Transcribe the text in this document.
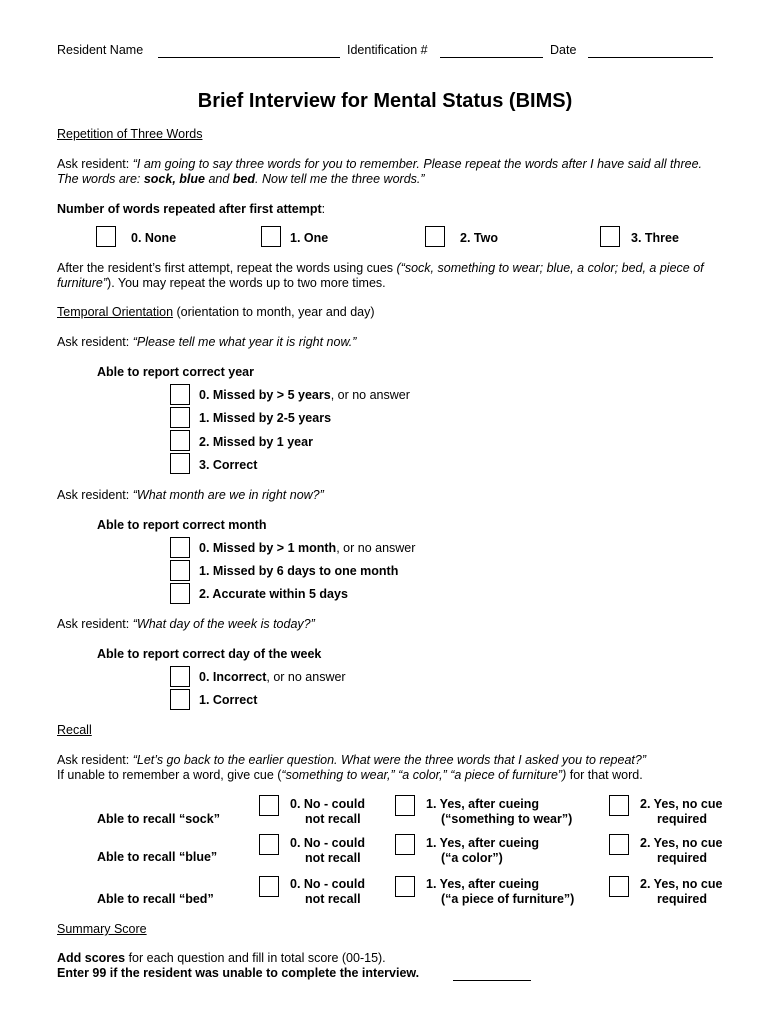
Resident Name	Identification #	Date
Brief Interview for Mental Status (BIMS)
Repetition of Three Words
Ask resident: “I am going to say three words for you to remember. Please repeat the words after I have said all three.
The words are: sock, blue and bed. Now tell me the three words.”
Number of words repeated after first attempt:
0. None	1. One	2. Two	3. Three
After the resident’s first attempt, repeat the words using cues (“sock, something to wear; blue, a color; bed, a piece of
furniture”). You may repeat the words up to two more times.
Temporal Orientation (orientation to month, year and day)
Ask resident: “Please tell me what year it is right now.”
Able to report correct year
0. Missed by > 5 years, or no answer
1. Missed by 2-5 years
2. Missed by 1 year
3. Correct
Ask resident: “What month are we in right now?”
Able to report correct month
0. Missed by > 1 month, or no answer
1. Missed by 6 days to one month
2. Accurate within 5 days
Ask resident: “What day of the week is today?”
Able to report correct day of the week
0. Incorrect, or no answer
1. Correct
Recall
Ask resident: “Let’s go back to the earlier question. What were the three words that I asked you to repeat?”
If unable to remember a word, give cue (“something to wear,” “a color,” “a piece of furniture”) for that word.
Able to recall “sock”
0. No - could
not recall
1. Yes, after cueing
(“something to wear”)
2. Yes, no cue
required
Able to recall “blue”
0. No - could
not recall
1. Yes, after cueing
(“a color”)
2. Yes, no cue
required
Able to recall “bed”
0. No - could
not recall
1. Yes, after cueing
(“a piece of furniture”)
2. Yes, no cue
required
Summary Score
Add scores for each question and fill in total score (00-15).
Enter 99 if the resident was unable to complete the interview.
